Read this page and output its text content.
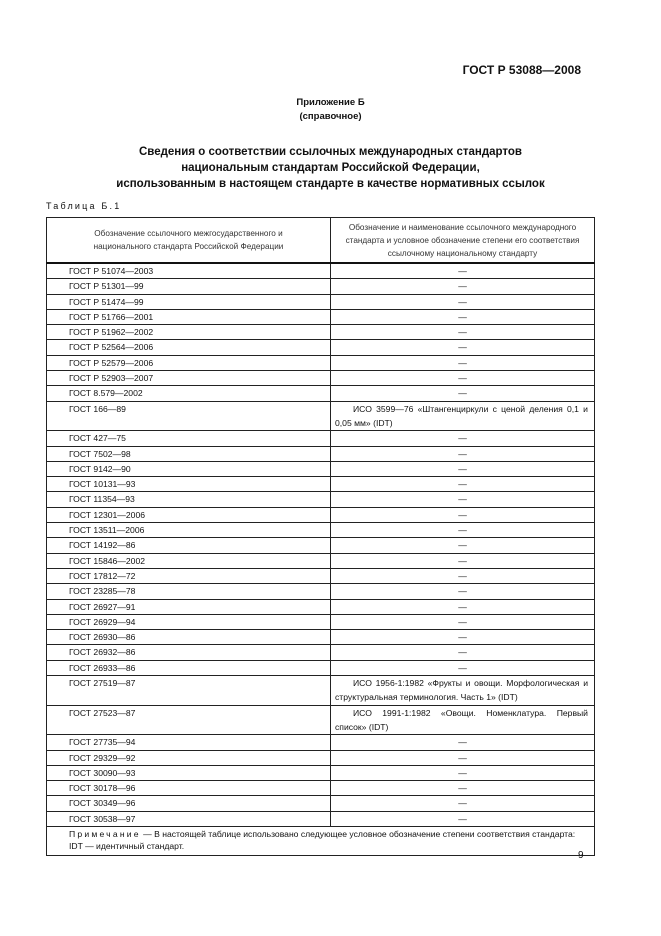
ГОСТ Р 53088—2008
Приложение Б
(справочное)
Сведения о соответствии ссылочных международных стандартов
национальным стандартам Российской Федерации,
использованным в настоящем стандарте в качестве нормативных ссылок
Таблица Б.1
Обозначение ссылочного межгосударственного и национального стандарта Российской Федерации	Обозначение и наименование ссылочного международного стандарта и условное обозначение степени его соответствия ссылочному национальному стандарту
ГОСТ Р 51074—2003	—
ГОСТ Р 51301—99	—
ГОСТ Р 51474—99	—
ГОСТ Р 51766—2001	—
ГОСТ Р 51962—2002	—
ГОСТ Р 52564—2006	—
ГОСТ Р 52579—2006	—
ГОСТ Р 52903—2007	—
ГОСТ 8.579—2002	—
ГОСТ 166—89	ИСО 3599—76 «Штангенциркули с ценой деления 0,1 и 0,05 мм» (IDT)
ГОСТ 427—75	—
ГОСТ 7502—98	—
ГОСТ 9142—90	—
ГОСТ 10131—93	—
ГОСТ 11354—93	—
ГОСТ 12301—2006	—
ГОСТ 13511—2006	—
ГОСТ 14192—86	—
ГОСТ 15846—2002	—
ГОСТ 17812—72	—
ГОСТ 23285—78	—
ГОСТ 26927—91	—
ГОСТ 26929—94	—
ГОСТ 26930—86	—
ГОСТ 26932—86	—
ГОСТ 26933—86	—
ГОСТ 27519—87	ИСО 1956-1:1982 «Фрукты и овощи. Морфологическая и структуральная терминология. Часть 1» (IDT)
ГОСТ 27523—87	ИСО 1991-1:1982 «Овощи. Номенклатура. Первый список» (IDT)
ГОСТ 27735—94	—
ГОСТ 29329—92	—
ГОСТ 30090—93	—
ГОСТ 30178—96	—
ГОСТ 30349—96	—
ГОСТ 30538—97	—

Примечание — В настоящей таблице использовано следующее условное обозначение степени соответствия стандарта:
IDT — идентичный стандарт.	
9
